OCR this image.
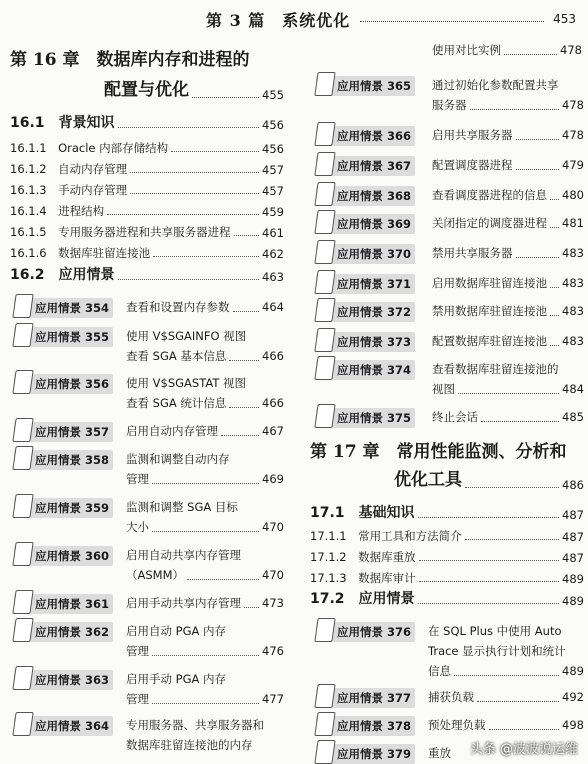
第 3 篇　系统优化	453
第 16 章　数据库内存和进程的
配置与优化	455
16.1　背景知识	456
16.1.1　Oracle 内部存储结构	456
16.1.2　自动内存管理	457
16.1.3　手动内存管理	457
16.1.4　进程结构	459
16.1.5　专用服务器进程和共享服务器进程	461
16.1.6　数据库驻留连接池	462
16.2　应用情景	463
应用情景 354 查看和设置内存参数	464
应用情景 355 使用 V$SGAINFO 视图
查看 SGA 基本信息	466
应用情景 356 使用 V$SGASTAT 视图
查看 SGA 统计信息	466
应用情景 357 启用自动内存管理	467
应用情景 358 监测和调整自动内存
管理	469
应用情景 359 监测和调整 SGA 目标
大小	470
应用情景 360 启用自动共享内存管理
（ASMM）	470
应用情景 361 启用手动共享内存管理 473
应用情景 362 启用自动 PGA 内存
管理	476
应用情景 363 启用手动 PGA 内存
管理	477
应用情景 364 专用服务器、共享服务器和
数据库驻留连接池的内存
使用对比实例	478
应用情景 365 通过初始化参数配置共享
服务器	478
应用情景 366 启用共享服务器	478
应用情景 367 配置调度器进程	479
应用情景 368 查看调度器进程的信息 480
应用情景 369 关闭指定的调度器进程 481
应用情景 370 禁用共享服务器	483
应用情景 371 启用数据库驻留连接池 483
应用情景 372 禁用数据库驻留连接池 483
应用情景 373 配置数据库驻留连接池 483
应用情景 374 查看数据库驻留连接池的
视图	484
应用情景 375 终止会话	485
第 17 章　常用性能监测、分析和
优化工具	486
17.1　基础知识	487
17.1.1　常用工具和方法简介	487
17.1.2　数据库重放	487
17.1.3　数据库审计	489
17.2　应用情景	489
应用情景 376 在 SQL Plus 中使用 Auto
Trace 显示执行计划和统计
信息	489
应用情景 377 捕获负载	492
应用情景 378 预处理负载	498
应用情景 379 重放 头条 @波波说运维
